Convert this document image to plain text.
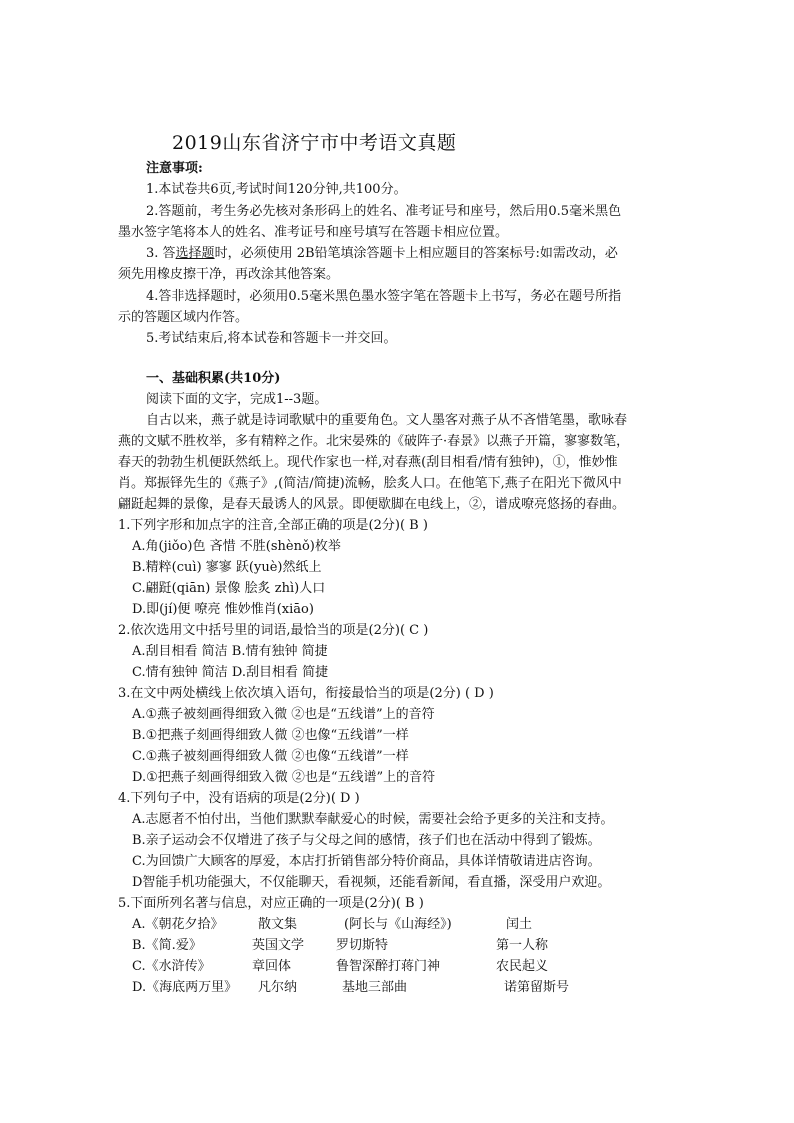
2019山东省济宁市中考语文真题
注意事项:
1.本试卷共6页,考试时间120分钟,共100分。
2.答题前，考生务必先核对条形码上的姓名、准考证号和座号，然后用0.5毫米黑色
墨水签字笔将本人的姓名、准考证号和座号填写在答题卡相应位置。
3. 答选择题时，必须使用 2B铅笔填涂答题卡上相应题目的答案标号:如需改动，必
须先用橡皮擦干净，再改涂其他答案。
4.答非选择题时，必须用0.5毫米黑色墨水签字笔在答题卡上书写，务必在题号所指
示的答题区域内作答。
5.考试结束后,将本试卷和答题卡一并交回。
一、基础积累(共10分)
阅读下面的文字，完成1--3题。
自古以来，燕子就是诗词歌赋中的重要角色。文人墨客对燕子从不吝惜笔墨，歌咏春
燕的文赋不胜枚举，多有精粹之作。北宋晏殊的《破阵子·春景》以燕子开篇，寥寥数笔，
春天的勃勃生机便跃然纸上。现代作家也一样,对春燕(刮目相看/情有独钟)，①，惟妙惟
肖。郑振铎先生的《燕子》,(简洁/简捷)流畅，脍炙人口。在他笔下,燕子在阳光下微风中
翩跹起舞的景像，是春天最诱人的风景。即便歇脚在电线上，②，谱成嘹亮悠扬的春曲。
1.下列字形和加点字的注音,全部正确的项是(2分)( B )
A.角(jiǒo)色 吝惜 不胜(shènǒ)枚举
B.精粹(cuì) 寥寥 跃(yuè)然纸上
C.翩跹(qiān) 景像 脍炙 zhì)人口
D.即(jí)便 嘹亮 惟妙惟肖(xiāo)
2.依次选用文中括号里的词语,最恰当的项是(2分)( C )
A.刮目相看 简洁 B.情有独钟 简捷
C.情有独钟 简洁 D.刮目相看 简捷
3.在文中两处横线上依次填入语句，衔接最恰当的项是(2分) ( D )
A.①燕子被刻画得细致入微 ②也是“五线谱”上的音符
B.①把燕子刻画得细致人微 ②也像“五线谱”一样
C.①燕子被刻画得细致人微 ②也像“五线谱”一样
D.①把燕子刻画得细致入微 ②也是“五线谱”上的音符
4.下列句子中，没有语病的项是(2分)( D )
A.志愿者不怕付出，当他们默默奉献爱心的时候，需要社会给予更多的关注和支持。
B.亲子运动会不仅增进了孩子与父母之间的感情，孩子们也在活动中得到了锻炼。
C.为回馈广大顾客的厚爱，本店打折销售部分特价商品，具体详情敬请进店咨询。
D智能手机功能强大，不仅能聊天，看视频，还能看新闻，看直播，深受用户欢迎。
5.下面所列名著与信息，对应正确的一项是(2分)( B )
A.《朝花夕拾》	散文集	(阿长与《山海经》)	闰土
B.《简.爱》	英国文学	罗切斯特	第一人称
C.《水浒传》	章回体	鲁智深醉打蒋门神	农民起义
D.《海底两万里》	凡尔纳	基地三部曲	诺第留斯号
